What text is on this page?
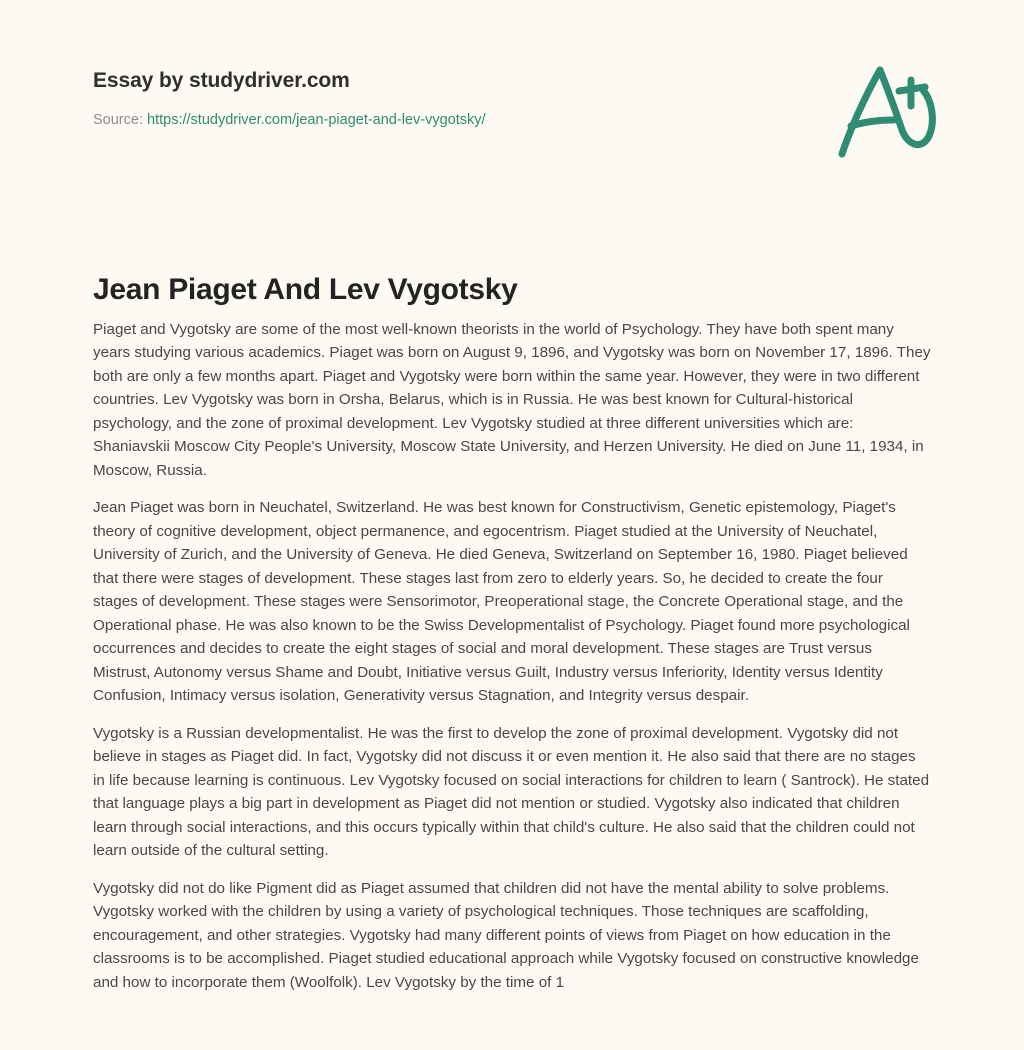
Essay by studydriver.com
Source: https://studydriver.com/jean-piaget-and-lev-vygotsky/
Jean Piaget And Lev Vygotsky

Piaget and Vygotsky are some of the most well-known theorists in the world of Psychology. They have both spent many years studying various academics. Piaget was born on August 9, 1896, and Vygotsky was born on November 17, 1896. They both are only a few months apart. Piaget and Vygotsky were born within the same year. However, they were in two different countries. Lev Vygotsky was born in Orsha, Belarus, which is in Russia. He was best known for Cultural-historical psychology, and the zone of proximal development. Lev Vygotsky studied at three different universities which are: Shaniavskii Moscow City People's University, Moscow State University, and Herzen University. He died on June 11, 1934, in Moscow, Russia.

Jean Piaget was born in Neuchatel, Switzerland. He was best known for Constructivism, Genetic epistemology, Piaget's theory of cognitive development, object permanence, and egocentrism. Piaget studied at the University of Neuchatel, University of Zurich, and the University of Geneva. He died Geneva, Switzerland on September 16, 1980. Piaget believed that there were stages of development. These stages last from zero to elderly years. So, he decided to create the four stages of development. These stages were Sensorimotor, Preoperational stage, the Concrete Operational stage, and the Operational phase. He was also known to be the Swiss Developmentalist of Psychology. Piaget found more psychological occurrences and decides to create the eight stages of social and moral development. These stages are Trust versus Mistrust, Autonomy versus Shame and Doubt, Initiative versus Guilt, Industry versus Inferiority, Identity versus Identity Confusion, Intimacy versus isolation, Generativity versus Stagnation, and Integrity versus despair.

Vygotsky is a Russian developmentalist. He was the first to develop the zone of proximal development. Vygotsky did not believe in stages as Piaget did. In fact, Vygotsky did not discuss it or even mention it. He also said that there are no stages in life because learning is continuous. Lev Vygotsky focused on social interactions for children to learn ( Santrock). He stated that language plays a big part in development as Piaget did not mention or studied. Vygotsky also indicated that children learn through social interactions, and this occurs typically within that child's culture. He also said that the children could not learn outside of the cultural setting.

Vygotsky did not do like Pigment did as Piaget assumed that children did not have the mental ability to solve problems. Vygotsky worked with the children by using a variety of psychological techniques. Those techniques are scaffolding, encouragement, and other strategies. Vygotsky had many different points of views from Piaget on how education in the classrooms is to be accomplished. Piaget studied educational approach while Vygotsky focused on constructive knowledge and how to incorporate them (Woolfolk). Lev Vygotsky by the time of 1
